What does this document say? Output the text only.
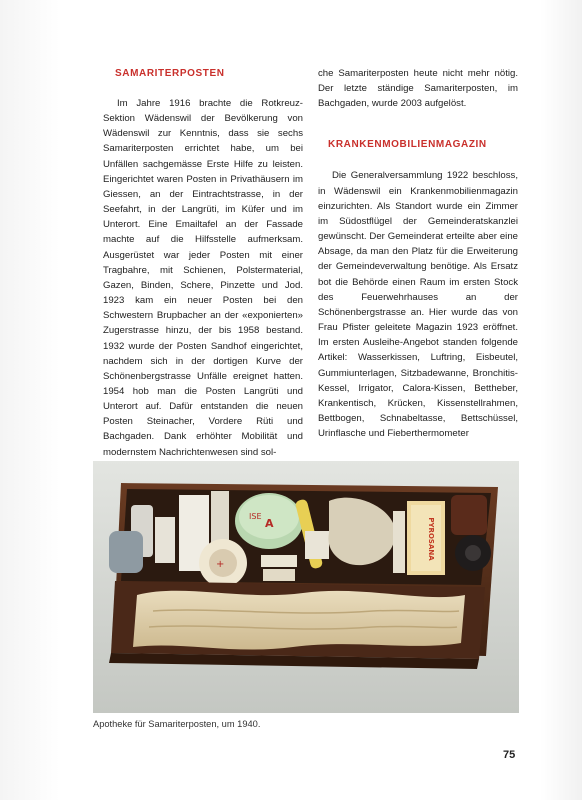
SAMARITERPOSTEN

Im Jahre 1916 brachte die Rotkreuz-Sektion Wädenswil der Bevölkerung von Wädenswil zur Kenntnis, dass sie sechs Samariterposten errichtet habe, um bei Unfällen sachgemässe Erste Hilfe zu leisten. Eingerichtet waren Posten in Privathäusern im Giessen, an der Eintrachtstrasse, in der Seefahrt, in der Langrüti, im Küfer und im Unterort. Eine Emailtafel an der Fassade machte auf die Hilfsstelle aufmerksam. Ausgerüstet war jeder Posten mit einer Tragbahre, mit Schienen, Polstermaterial, Gazen, Binden, Schere, Pinzette und Jod. 1923 kam ein neuer Posten bei den Schwestern Brupbacher an der «exponierten» Zugerstrasse hinzu, der bis 1958 bestand. 1932 wurde der Posten Sandhof eingerichtet, nachdem sich in der dortigen Kurve der Schönenbergstrasse Unfälle ereignet hatten. 1954 hob man die Posten Langrüti und Unterort auf. Dafür entstanden die neuen Posten Steinacher, Vordere Rüti und Bachgaden. Dank erhöhter Mobilität und modernstem Nachrichtenwesen sind sol-

che Samariterposten heute nicht mehr nötig. Der letzte ständige Samariterposten, im Bachgaden, wurde 2003 aufgelöst.

KRANKENMOBILIENMAGAZIN

Die Generalversammlung 1922 beschloss, in Wädenswil ein Krankenmobilienmagazin einzurichten. Als Standort wurde ein Zimmer im Südostflügel der Gemeinderatskanzlei gewünscht. Der Gemeinderat erteilte aber eine Absage, da man den Platz für die Erweiterung der Gemeindeverwaltung benötige. Als Ersatz bot die Behörde einen Raum im ersten Stock des Feuerwehrhauses an der Schönenbergstrasse an. Hier wurde das von Frau Pfister geleitete Magazin 1923 eröffnet. Im ersten Ausleihe-Angebot standen folgende Artikel: Wasserkissen, Luftring, Eisbeutel, Gummiunterlagen, Sitzbadewanne, Bronchitis-Kessel, Irrigator, Calora-Kissen, Bettheber, Krankentisch, Krücken, Kissenstellrahmen, Bettbogen, Schnabeltasse, Bettschüssel, Urinflasche und Fieberthermometer

+
ISE
A	PYROSANA
Apotheke für Samariterposten, um 1940.
75
